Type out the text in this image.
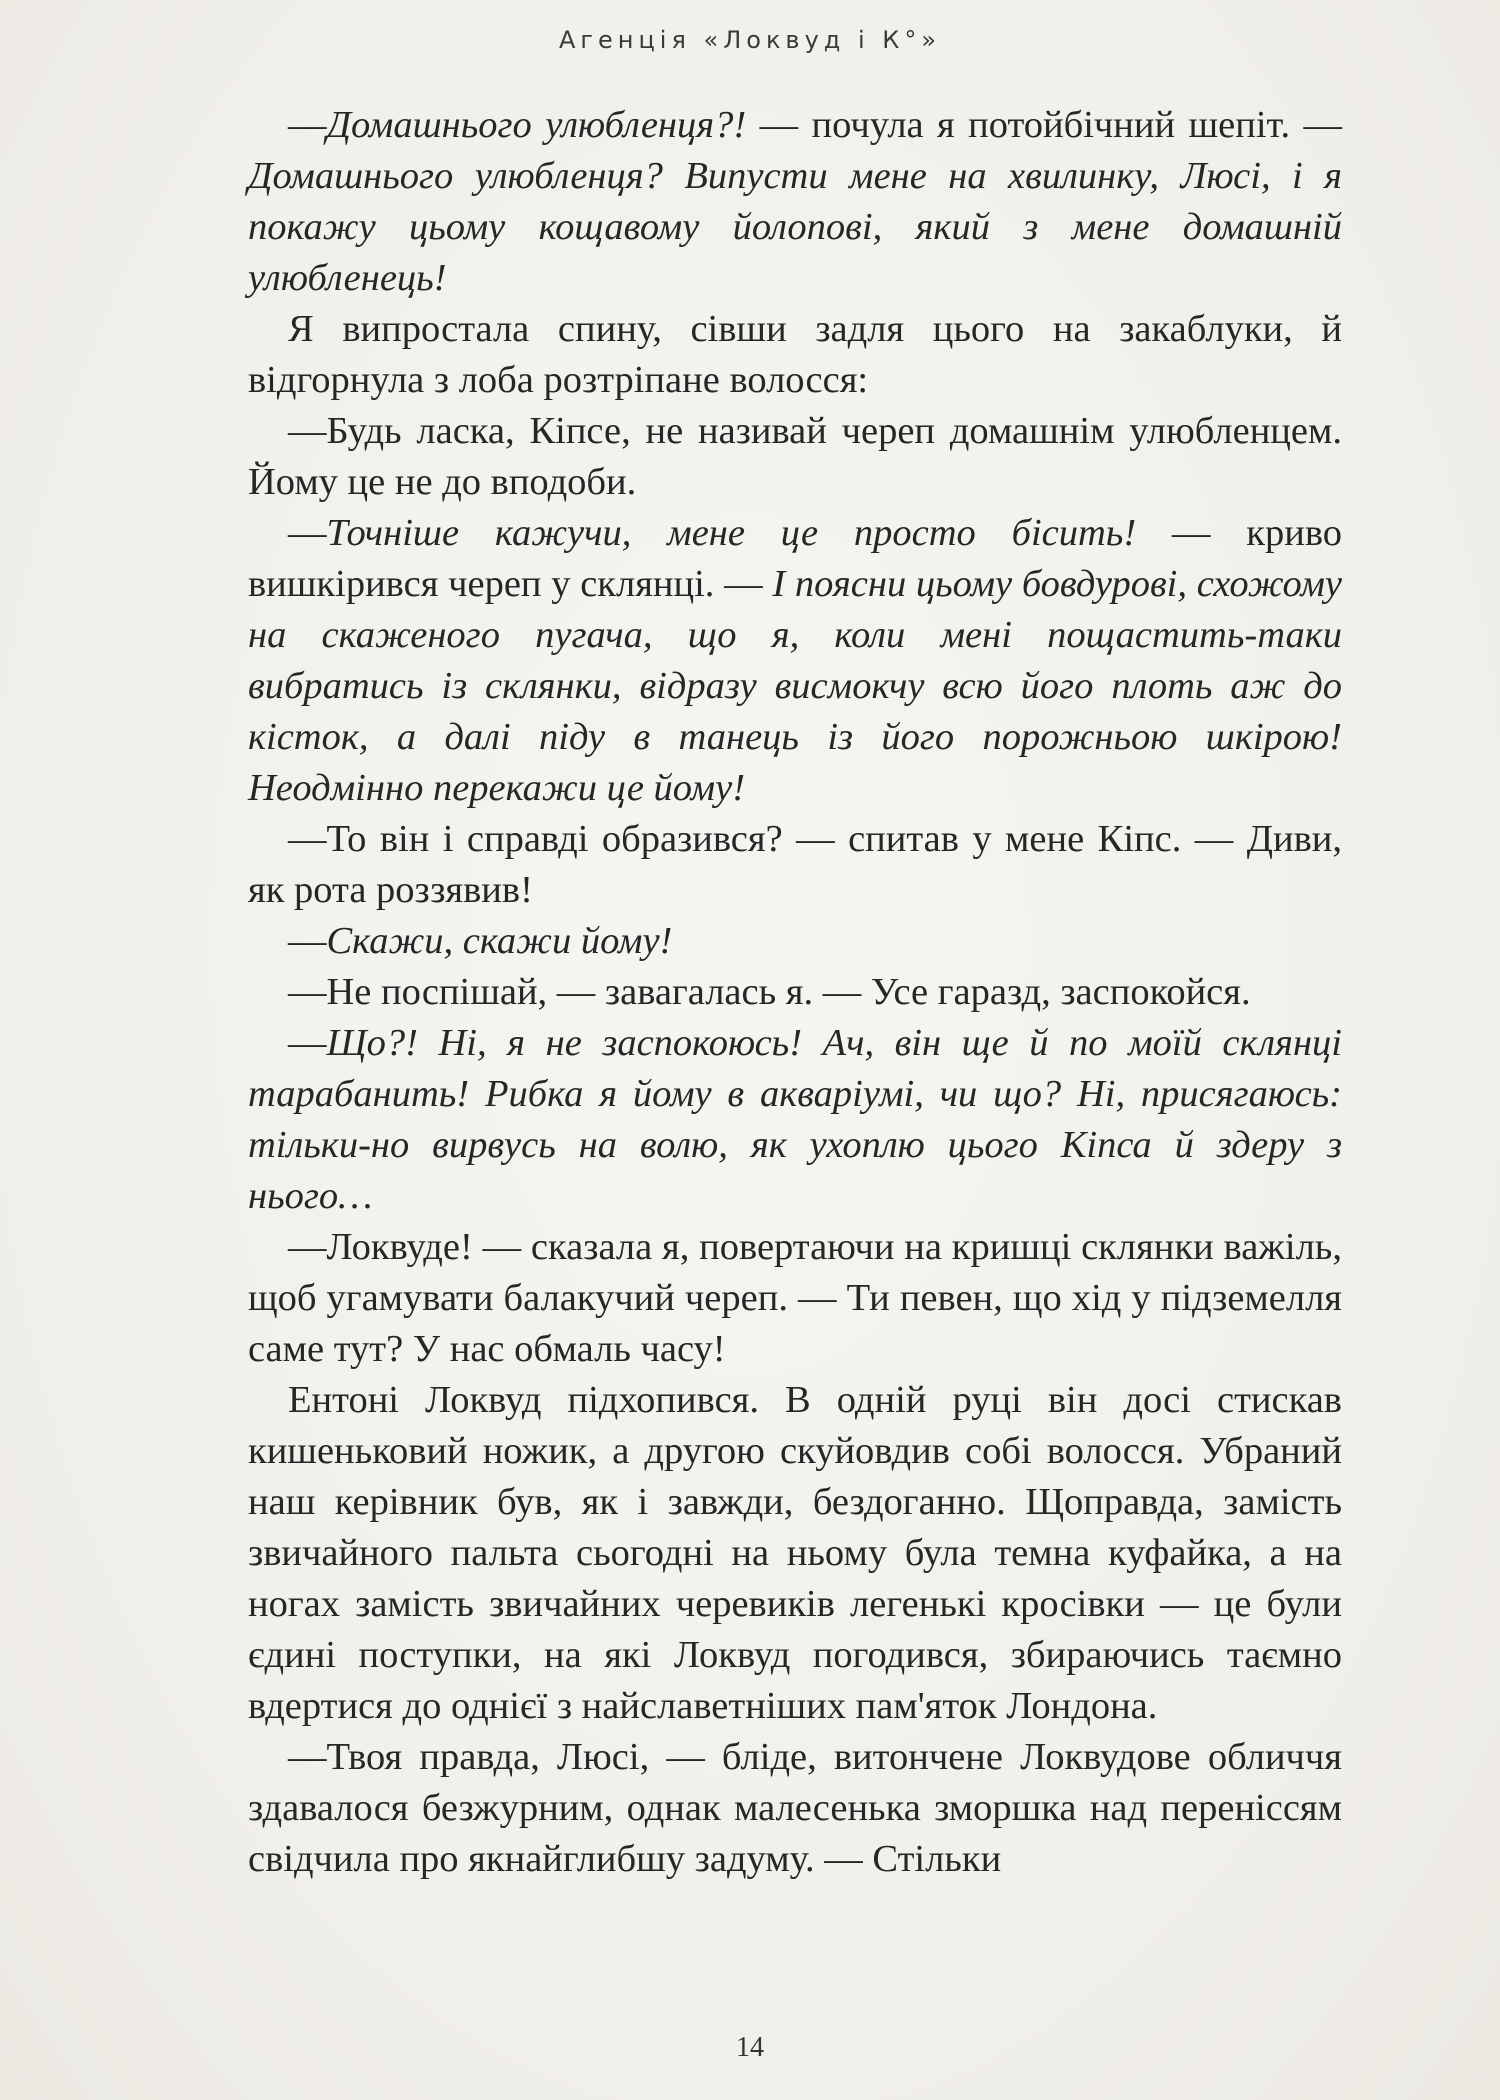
Агенція «Локвуд і К°»

—Домашнього улюбленця?! — почула я потойбічний шепіт. — Домашнього улюбленця? Випусти мене на хвилинку, Люсі, і я покажу цьому кощавому йолопові, який з мене домашній улюбленець!

Я випростала спину, сівши задля цього на закаблуки, й відгорнула з лоба розтріпане волосся:

—Будь ласка, Кіпсе, не називай череп домашнім улюбленцем. Йому це не до вподоби.

—Точніше кажучи, мене це просто бісить! — криво вишкірився череп у склянці. — І поясни цьому бовдурові, схожому на скаженого пугача, що я, коли мені пощастить-таки вибратись із склянки, відразу висмокчу всю його плоть аж до кісток, а далі піду в танець із його порожньою шкірою! Неодмінно перекажи це йому!

—То він і справді образився? — спитав у мене Кіпс. — Диви, як рота роззявив!

—Скажи, скажи йому!

—Не поспішай, — завагалась я. — Усе гаразд, заспокойся.

—Що?! Ні, я не заспокоюсь! Ач, він ще й по моїй склянці тарабанить! Рибка я йому в акваріумі, чи що? Ні, присягаюсь: тільки-но вирвусь на волю, як ухоплю цього Кіпса й здеру з нього…

—Локвуде! — сказала я, повертаючи на кришці склянки важіль, щоб угамувати балакучий череп. — Ти певен, що хід у підземелля саме тут? У нас обмаль часу!

Ентоні Локвуд підхопився. В одній руці він досі стискав кишеньковий ножик, а другою скуйовдив собі волосся. Убраний наш керівник був, як і завжди, бездоганно. Щоправда, замість звичайного пальта сьогодні на ньому була темна куфайка, а на ногах замість звичайних черевиків легенькі кросівки — це були єдині поступки, на які Локвуд погодився, збираючись таємно вдертися до однієї з найславетніших пам'яток Лондона.

—Твоя правда, Люсі, — бліде, витончене Локвудове обличчя здавалося безжурним, однак малесенька зморшка над переніссям свідчила про якнайглибшу задуму. — Стільки

14
